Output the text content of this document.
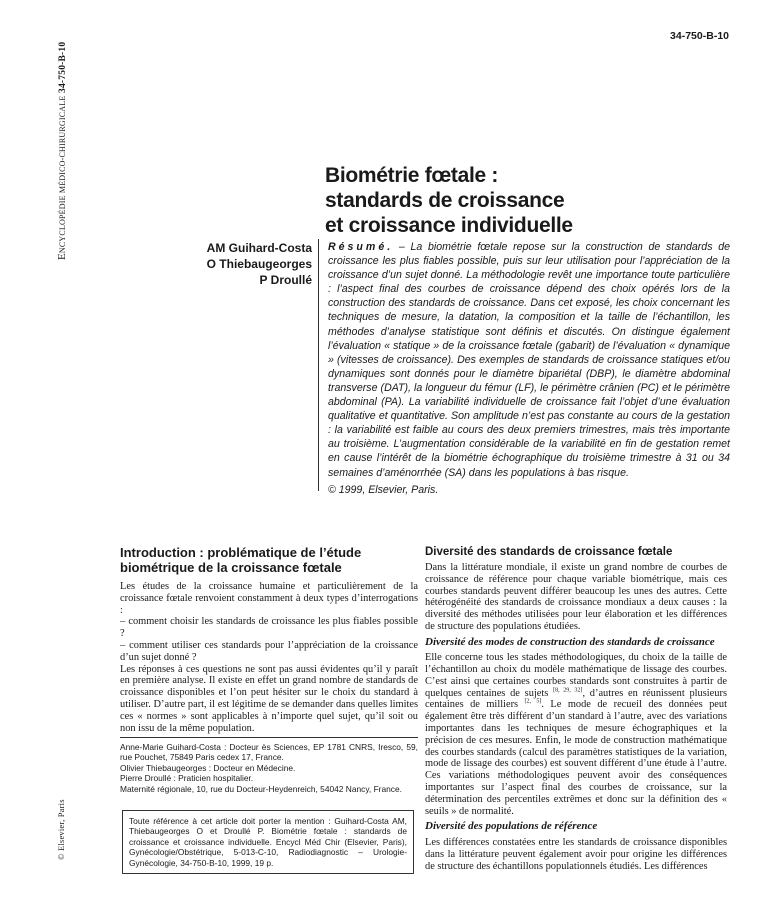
ENCYCLOPÉDIE MÉDICO-CHIRURGICALE 34-750-B-10
© Elsevier, Paris
34-750-B-10
Biométrie fœtale :
standards de croissance
et croissance individuelle
AM Guihard-Costa
O Thiebaugeorges
P Droullé
Résumé. – La biométrie fœtale repose sur la construction de standards de croissance les plus fiables possible, puis sur leur utilisation pour l’appréciation de la croissance d’un sujet donné. La méthodologie revêt une importance toute particulière : l’aspect final des courbes de croissance dépend des choix opérés lors de la construction des standards de croissance. Dans cet exposé, les choix concernant les techniques de mesure, la datation, la composition et la taille de l’échantillon, les méthodes d’analyse statistique sont définis et discutés. On distingue également l’évaluation « statique » de la croissance fœtale (gabarit) de l’évaluation « dynamique » (vitesses de croissance). Des exemples de standards de croissance statiques et/ou dynamiques sont donnés pour le diamètre bipariétal (DBP), le diamètre abdominal transverse (DAT), la longueur du fémur (LF), le périmètre crânien (PC) et le périmètre abdominal (PA). La variabilité individuelle de croissance fait l’objet d’une évaluation qualitative et quantitative. Son amplitude n’est pas constante au cours de la gestation : la variabilité est faible au cours des deux premiers trimestres, mais très importante au troisième. L’augmentation considérable de la variabilité en fin de gestation remet en cause l’intérêt de la biométrie échographique du troisième trimestre à 31 ou 34 semaines d’aménorrhée (SA) dans les populations à bas risque.
© 1999, Elsevier, Paris.
Introduction : problématique de l’étude biométrique de la croissance fœtale

Les études de la croissance humaine et particulièrement de la croissance fœtale renvoient constamment à deux types d’interrogations :

– comment choisir les standards de croissance les plus fiables possible ?

– comment utiliser ces standards pour l’appréciation de la croissance d’un sujet donné ?

Les réponses à ces questions ne sont pas aussi évidentes qu’il y paraît en première analyse. Il existe en effet un grand nombre de standards de croissance disponibles et l’on peut hésiter sur le choix du standard à utiliser. D’autre part, il est légitime de se demander dans quelles limites ces « normes » sont applicables à n’importe quel sujet, qu’il soit ou non issu de la même population.

Anne-Marie Guihard-Costa : Docteur ès Sciences, EP 1781 CNRS, Iresco, 59, rue Pouchet, 75849 Paris cedex 17, France.
Olivier Thiebaugeorges : Docteur en Médecine.
Pierre Droullé : Praticien hospitalier.
Maternité régionale, 10, rue du Docteur-Heydenreich, 54042 Nancy, France.
Toute référence à cet article doit porter la mention : Guihard-Costa AM, Thiebaugeorges O et Droullé P. Biométrie fœtale : standards de croissance et croissance individuelle. Encycl Méd Chir (Elsevier, Paris), Gynécologie/Obstétrique, 5-013-C-10, Radiodiagnostic – Urologie-Gynécologie, 34-750-B-10, 1999, 19 p.
Diversité des standards de croissance fœtale

Dans la littérature mondiale, il existe un grand nombre de courbes de croissance de référence pour chaque variable biométrique, mais ces courbes standards peuvent différer beaucoup les unes des autres. Cette hétérogénéité des standards de croissance mondiaux a deux causes : la diversité des méthodes utilisées pour leur élaboration et les différences de structure des populations étudiées.

Diversité des modes de construction des standards de croissance

Elle concerne tous les stades méthodologiques, du choix de la taille de l’échantillon au choix du modèle mathématique de lissage des courbes. C’est ainsi que certaines courbes standards sont construites à partir de quelques centaines de sujets [8, 29, 32], d’autres en réunissent plusieurs centaines de milliers [2, 5]. Le mode de recueil des données peut également être très différent d’un standard à l’autre, avec des variations importantes dans les techniques de mesure échographiques et la précision de ces mesures. Enfin, le mode de construction mathématique des courbes standards (calcul des paramètres statistiques de la variation, mode de lissage des courbes) est souvent différent d’une étude à l’autre. Ces variations méthodologiques peuvent avoir des conséquences importantes sur l’aspect final des courbes de croissance, sur la détermination des percentiles extrêmes et donc sur la définition des « seuils » de normalité.

Diversité des populations de référence

Les différences constatées entre les standards de croissance disponibles dans la littérature peuvent également avoir pour origine les différences de structure des échantillons populationnels étudiés. Les différences
